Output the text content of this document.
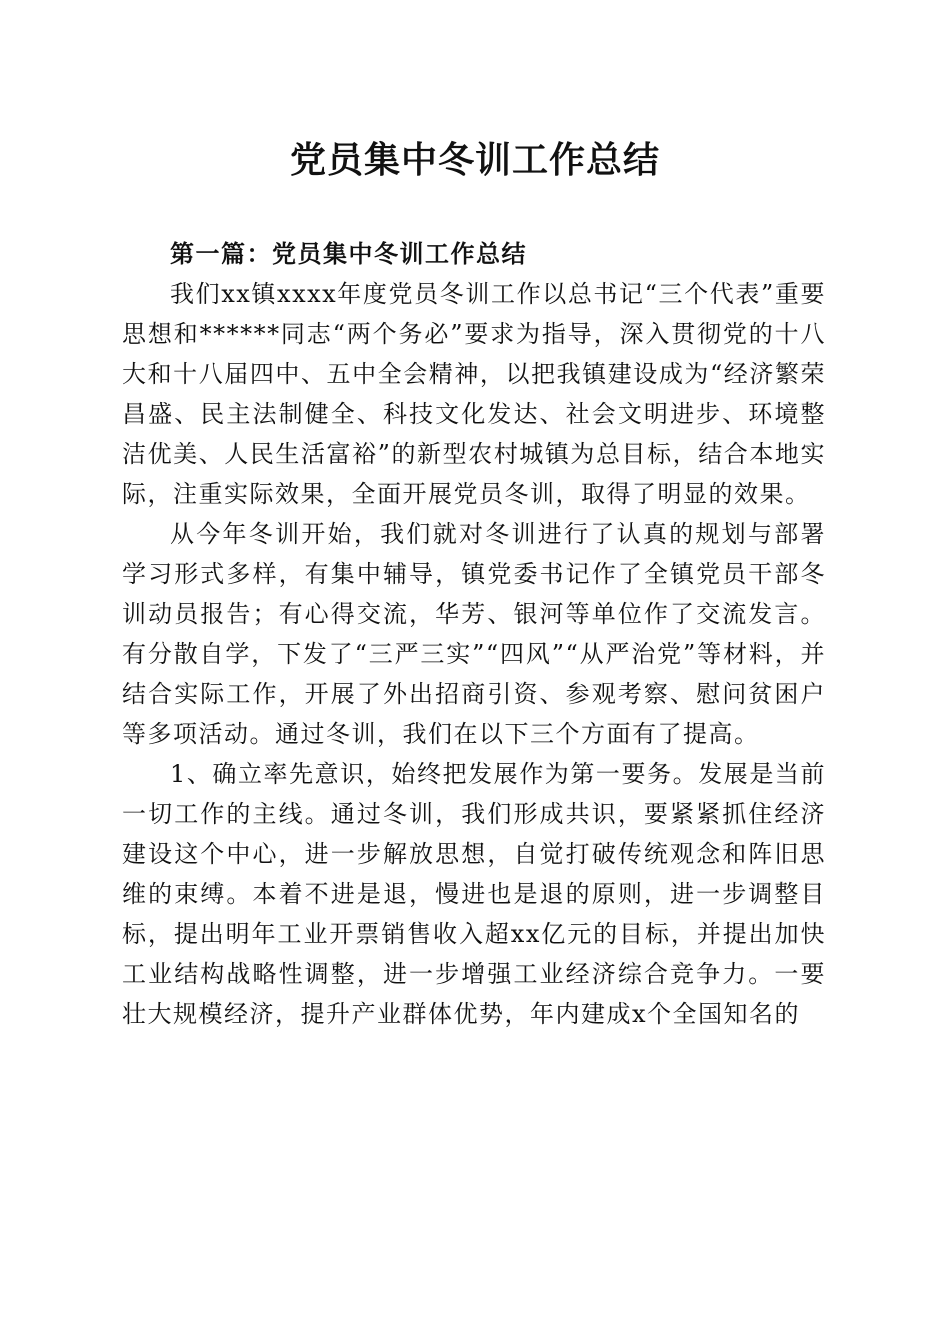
党员集中冬训工作总结

第一篇：党员集中冬训工作总结

我们xx镇xxxx年度党员冬训工作以总书记“三个代表”重要思想和******同志“两个务必”要求为指导，深入贯彻党的十八大和十八届四中、五中全会精神，以把我镇建设成为“经济繁荣昌盛、民主法制健全、科技文化发达、社会文明进步、环境整洁优美、人民生活富裕”的新型农村城镇为总目标，结合本地实际，注重实际效果，全面开展党员冬训，取得了明显的效果。

从今年冬训开始，我们就对冬训进行了认真的规划与部署学习形式多样，有集中辅导，镇党委书记作了全镇党员干部冬训动员报告；有心得交流，华芳、银河等单位作了交流发言。有分散自学，下发了“三严三实”“四风”“从严治党”等材料，并结合实际工作，开展了外出招商引资、参观考察、慰问贫困户等多项活动。通过冬训，我们在以下三个方面有了提高。

1、确立率先意识，始终把发展作为第一要务。发展是当前一切工作的主线。通过冬训，我们形成共识，要紧紧抓住经济建设这个中心，进一步解放思想，自觉打破传统观念和阵旧思维的束缚。本着不进是退，慢进也是退的原则，进一步调整目标，提出明年工业开票销售收入超xx亿元的目标，并提出加快工业结构战略性调整，进一步增强工业经济综合竞争力。一要壮大规模经济，提升产业群体优势，年内建成x个全国知名的
